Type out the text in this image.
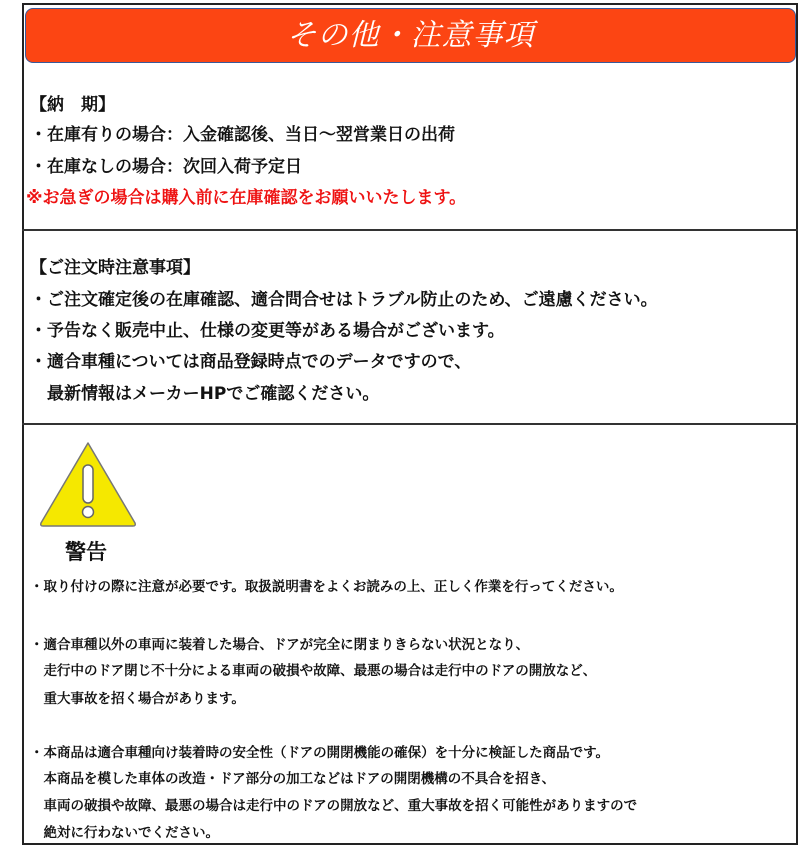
その他・注意事項
【納　期】
・在庫有りの場合：入金確認後、当日～翌営業日の出荷
・在庫なしの場合：次回入荷予定日
※お急ぎの場合は購入前に在庫確認をお願いいたします。
【ご注文時注意事項】
・ご注文確定後の在庫確認、適合問合せはトラブル防止のため、ご遠慮ください。
・予告なく販売中止、仕様の変更等がある場合がございます。
・適合車種については商品登録時点でのデータですので、
　最新情報はメーカーHPでご確認ください。
警告
・取り付けの際に注意が必要です。取扱説明書をよくお読みの上、正しく作業を行ってください。
・適合車種以外の車両に装着した場合、ドアが完全に閉まりきらない状況となり、
　走行中のドア閉じ不十分による車両の破損や故障、最悪の場合は走行中のドアの開放など、
　重大事故を招く場合があります。
・本商品は適合車種向け装着時の安全性（ドアの開閉機能の確保）を十分に検証した商品です。
　本商品を模した車体の改造・ドア部分の加工などはドアの開閉機構の不具合を招き、
　車両の破損や故障、最悪の場合は走行中のドアの開放など、重大事故を招く可能性がありますので
　絶対に行わないでください。
